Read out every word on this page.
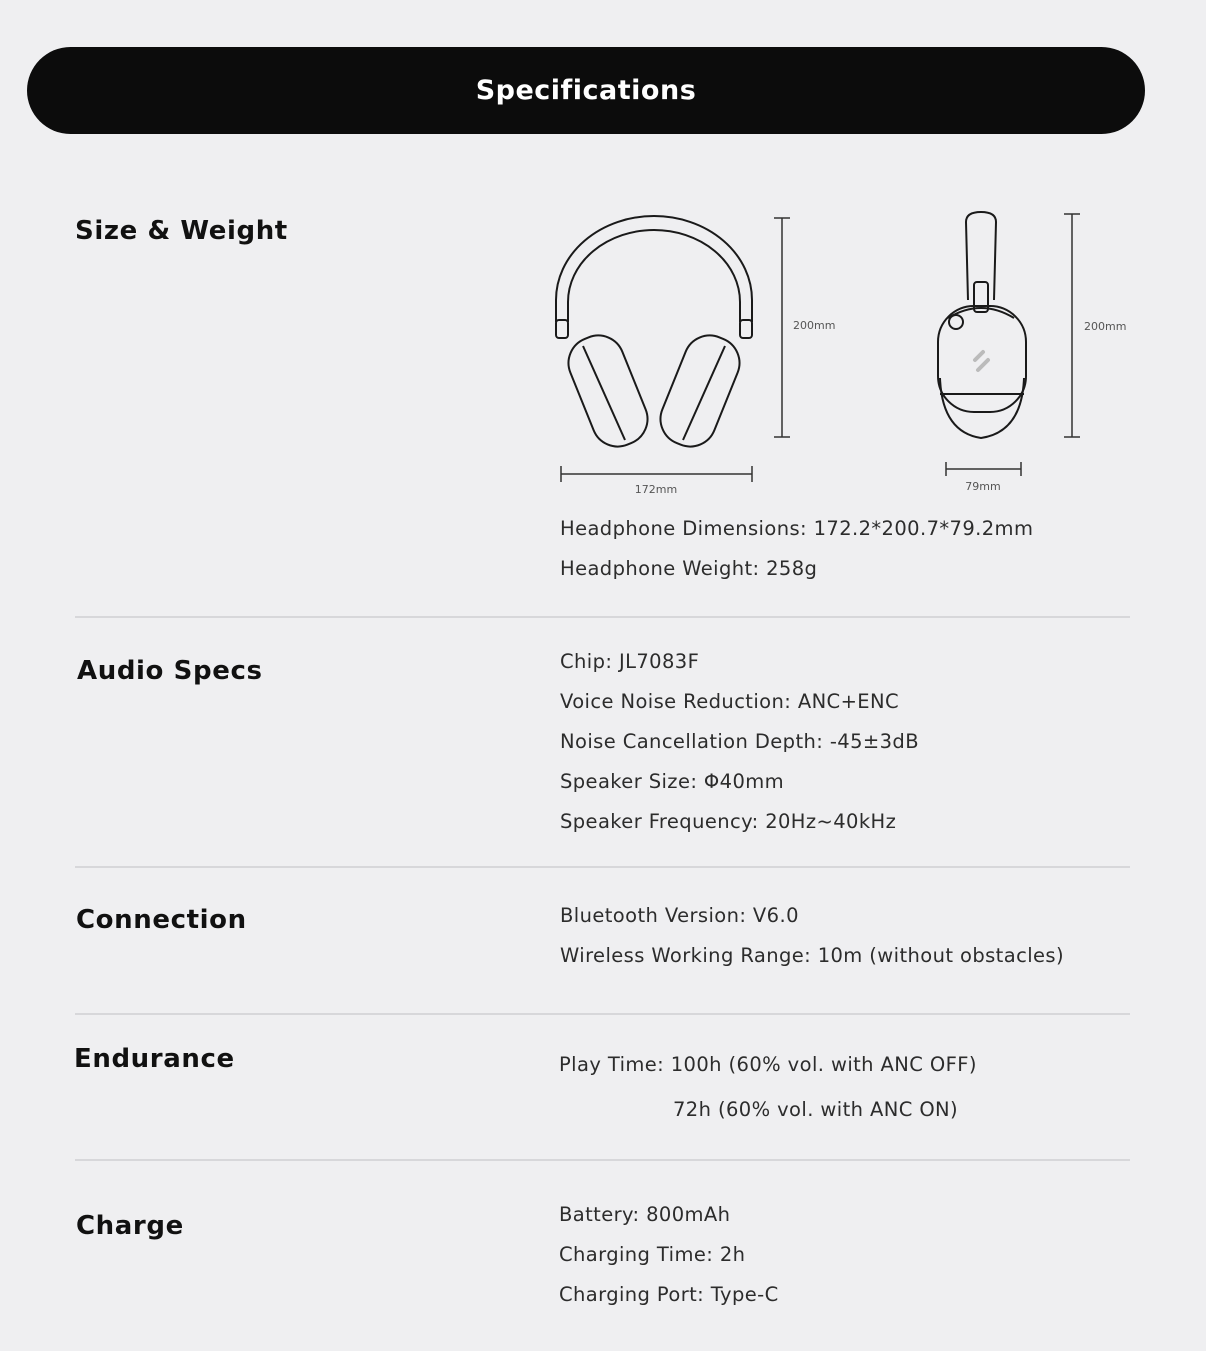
Specifications
Size & Weight
200mm
172mm
200mm
79mm
Headphone Dimensions: 172.2*200.7*79.2mm
Headphone Weight: 258g
Audio Specs	Chip: JL7083F
Voice Noise Reduction: ANC+ENC
Noise Cancellation Depth: -45±3dB
Speaker Size: Φ40mm
Speaker Frequency: 20Hz~40kHz
Connection	Bluetooth Version: V6.0
Wireless Working Range: 10m (without obstacles)
Endurance	Play Time: 100h (60% vol. with ANC OFF)
72h (60% vol. with ANC ON)
Charge	Battery: 800mAh
Charging Time: 2h
Charging Port: Type-C
